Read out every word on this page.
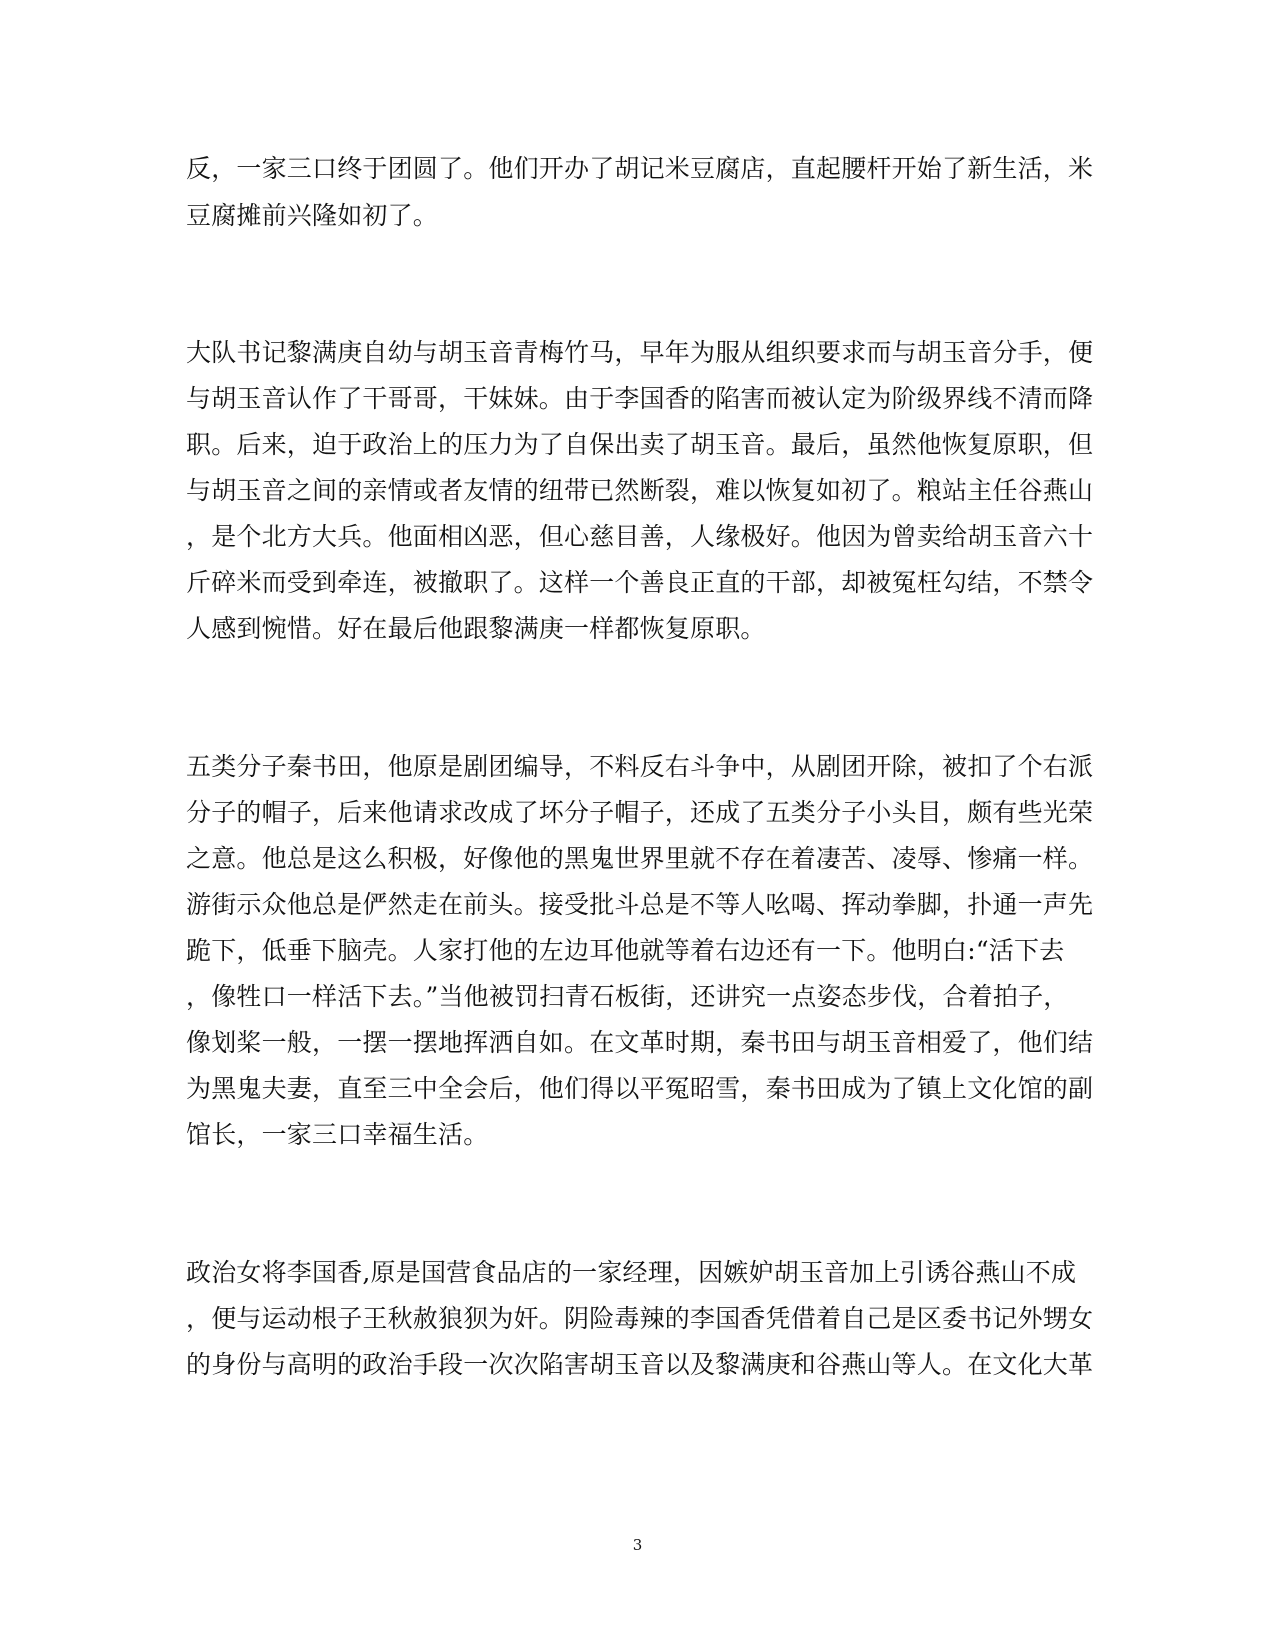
反，一家三口终于团圆了。他们开办了胡记米豆腐店，直起腰杆开始了新生活，米
豆腐摊前兴隆如初了。
大队书记黎满庚自幼与胡玉音青梅竹马，早年为服从组织要求而与胡玉音分手，便
与胡玉音认作了干哥哥，干妹妹。由于李国香的陷害而被认定为阶级界线不清而降
职。后来，迫于政治上的压力为了自保出卖了胡玉音。最后，虽然他恢复原职，但
与胡玉音之间的亲情或者友情的纽带已然断裂，难以恢复如初了。粮站主任谷燕山
，是个北方大兵。他面相凶恶，但心慈目善，人缘极好。他因为曾卖给胡玉音六十
斤碎米而受到牵连，被撤职了。这样一个善良正直的干部，却被冤枉勾结，不禁令
人感到惋惜。好在最后他跟黎满庚一样都恢复原职。
五类分子秦书田，他原是剧团编导，不料反右斗争中，从剧团开除，被扣了个右派
分子的帽子，后来他请求改成了坏分子帽子，还成了五类分子小头目，颇有些光荣
之意。他总是这么积极，好像他的黑鬼世界里就不存在着凄苦、凌辱、惨痛一样。
游街示众他总是俨然走在前头。接受批斗总是不等人吆喝、挥动拳脚，扑通一声先
跪下，低垂下脑壳。人家打他的左边耳他就等着右边还有一下。他明白:“活下去
，像牲口一样活下去。”当他被罚扫青石板街，还讲究一点姿态步伐，合着拍子，
像划桨一般，一摆一摆地挥洒自如。在文革时期，秦书田与胡玉音相爱了，他们结
为黑鬼夫妻，直至三中全会后，他们得以平冤昭雪，秦书田成为了镇上文化馆的副
馆长，一家三口幸福生活。
政治女将李国香,原是国营食品店的一家经理，因嫉妒胡玉音加上引诱谷燕山不成
，便与运动根子王秋赦狼狈为奸。阴险毒辣的李国香凭借着自己是区委书记外甥女
的身份与高明的政治手段一次次陷害胡玉音以及黎满庚和谷燕山等人。在文化大革
3
